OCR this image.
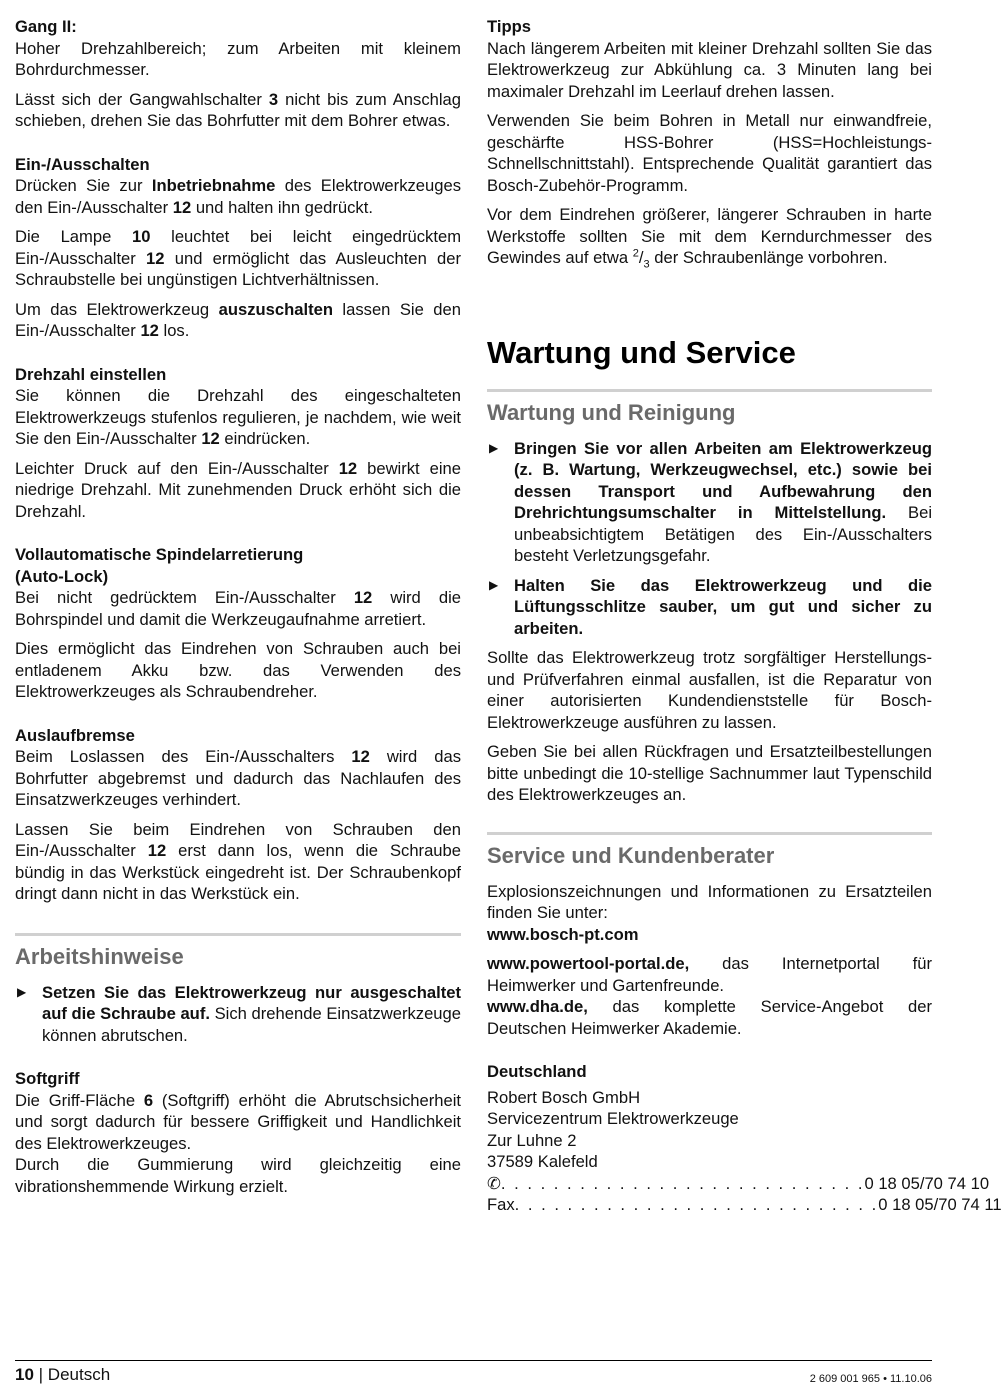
Gang II:

Hoher Drehzahlbereich; zum Arbeiten mit kleinem Bohrdurchmesser.

Lässt sich der Gangwahlschalter 3 nicht bis zum Anschlag schieben, drehen Sie das Bohrfutter mit dem Bohrer etwas.

Ein-/Ausschalten

Drücken Sie zur Inbetriebnahme des Elektrowerkzeuges den Ein-/Ausschalter 12 und halten ihn gedrückt.

Die Lampe 10 leuchtet bei leicht eingedrücktem Ein-/Ausschalter 12 und ermöglicht das Ausleuchten der Schraubstelle bei ungünstigen Lichtverhältnissen.

Um das Elektrowerkzeug auszuschalten lassen Sie den Ein-/Ausschalter 12 los.

Drehzahl einstellen

Sie können die Drehzahl des eingeschalteten Elektrowerkzeugs stufenlos regulieren, je nachdem, wie weit Sie den Ein-/Ausschalter 12 eindrücken.

Leichter Druck auf den Ein-/Ausschalter 12 bewirkt eine niedrige Drehzahl. Mit zunehmenden Druck erhöht sich die Drehzahl.

Vollautomatische Spindelarretierung

(Auto-Lock)

Bei nicht gedrücktem Ein-/Ausschalter 12 wird die Bohrspindel und damit die Werkzeugaufnahme arretiert.

Dies ermöglicht das Eindrehen von Schrauben auch bei entladenem Akku bzw. das Verwenden des Elektrowerkzeuges als Schraubendreher.

Auslaufbremse

Beim Loslassen des Ein-/Ausschalters 12 wird das Bohrfutter abgebremst und dadurch das Nachlaufen des Einsatzwerkzeuges verhindert.

Lassen Sie beim Eindrehen von Schrauben den Ein-/Ausschalter 12 erst dann los, wenn die Schraube bündig in das Werkstück eingedreht ist. Der Schraubenkopf dringt dann nicht in das Werkstück ein.

Arbeitshinweise

▶ Setzen Sie das Elektrowerkzeug nur ausgeschaltet auf die Schraube auf. Sich drehende Einsatzwerkzeuge können abrutschen.

Softgriff

Die Griff-Fläche 6 (Softgriff) erhöht die Abrutschsicherheit und sorgt dadurch für bessere Griffigkeit und Handlichkeit des Elektrowerkzeuges.

Durch die Gummierung wird gleichzeitig eine vibrationshemmende Wirkung erzielt.

Tipps

Nach längerem Arbeiten mit kleiner Drehzahl sollten Sie das Elektrowerkzeug zur Abkühlung ca. 3 Minuten lang bei maximaler Drehzahl im Leerlauf drehen lassen.

Verwenden Sie beim Bohren in Metall nur einwandfreie, geschärfte HSS-Bohrer (HSS=Hochleistungs-Schnellschnittstahl). Entsprechende Qualität garantiert das Bosch-Zubehör-Programm.

Vor dem Eindrehen größerer, längerer Schrauben in harte Werkstoffe sollten Sie mit dem Kerndurchmesser des Gewindes auf etwa $^2/_3$ der Schraubenlänge vorbohren.

Wartung und Service
Wartung und Reinigung

▶ Bringen Sie vor allen Arbeiten am Elektrowerkzeug (z. B. Wartung, Werkzeugwechsel, etc.) sowie bei dessen Transport und Aufbewahrung den Drehrichtungsumschalter in Mittelstellung. Bei unbeabsichtigtem Betätigen des Ein-/Ausschalters besteht Verletzungsgefahr.

▶ Halten Sie das Elektrowerkzeug und die Lüftungsschlitze sauber, um gut und sicher zu arbeiten.

Sollte das Elektrowerkzeug trotz sorgfältiger Herstellungs- und Prüfverfahren einmal ausfallen, ist die Reparatur von einer autorisierten Kundendienststelle für Bosch-Elektrowerkzeuge ausführen zu lassen.

Geben Sie bei allen Rückfragen und Ersatzteilbestellungen bitte unbedingt die 10-stellige Sachnummer laut Typenschild des Elektrowerkzeuges an.

Service und Kundenberater

Explosionszeichnungen und Informationen zu Ersatzteilen finden Sie unter:

www.bosch-pt.com

www.powertool-portal.de, das Internetportal für Heimwerker und Gartenfreunde.

www.dha.de, das komplette Service-Angebot der Deutschen Heimwerker Akademie.

Deutschland

Robert Bosch GmbH
Servicezentrum Elektrowerkzeuge
Zur Luhne 2
37589 Kalefeld
✆ . . . . . . . . . . . . . . . . . . . . . . . . . . . . 0 18 05/70 74 10
Fax . . . . . . . . . . . . . . . . . . . . . . . . . . . . 0 18 05/70 74 11
10 | Deutsch	2 609 001 965 • 11.10.06
